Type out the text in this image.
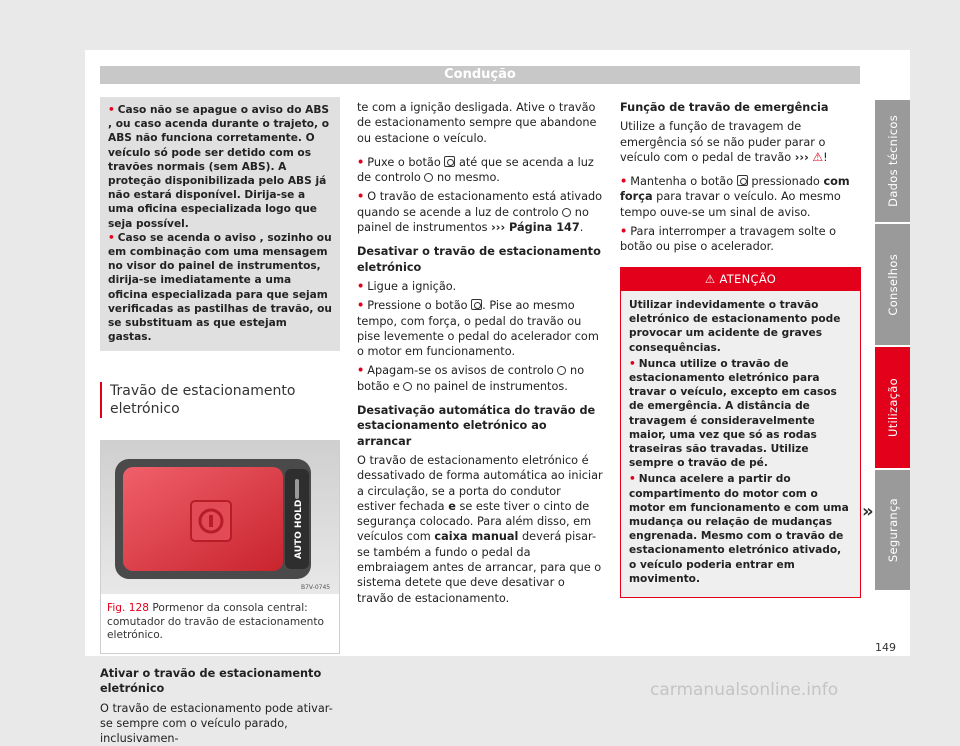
Condução

• Caso não se apague o aviso do ABS , ou caso acenda durante o trajeto, o ABS não funciona corretamente. O veículo só pode ser detido com os travões normais (sem ABS). A proteção disponibilizada pelo ABS já não estará disponível. Dirija-se a uma oficina especializada logo que seja possível.

• Caso se acenda o aviso , sozinho ou em combinação com uma mensagem no visor do painel de instrumentos, dirija-se imediatamente a uma oficina especializada para que sejam verificadas as pastilhas de travão, ou se substituam as que estejam gastas.

Travão de estacionamento eletrónico
AUTO HOLD
B7V-0745
Fig. 128 Pormenor da consola central: comutador do travão de estacionamento eletrónico.
Ativar o travão de estacionamento eletrónico
O travão de estacionamento pode ativar-se sempre com o veículo parado, inclusivamen-
te com a ignição desligada. Ative o travão de estacionamento sempre que abandone ou estacione o veículo.
• Puxe o botão até que se acenda a luz de controlo no mesmo.
• O travão de estacionamento está ativado quando se acende a luz de controlo no painel de instrumentos ››› Página 147.
Desativar o travão de estacionamento eletrónico
• Ligue a ignição.
• Pressione o botão . Pise ao mesmo tempo, com força, o pedal do travão ou pise levemente o pedal do acelerador com o motor em funcionamento.
• Apagam-se os avisos de controlo no botão e no painel de instrumentos.
Desativação automática do travão de estacionamento eletrónico ao arrancar
O travão de estacionamento eletrónico é dessativado de forma automática ao iniciar a circulação, se a porta do condutor estiver fechada e se este tiver o cinto de segurança colocado. Para além disso, em veículos com caixa manual deverá pisar-se também a fundo o pedal da embraiagem antes de arrancar, para que o sistema detete que deve desativar o travão de estacionamento.
Função de travão de emergência
Utilize a função de travagem de emergência só se não puder parar o veículo com o pedal de travão ››› ⚠!
• Mantenha o botão pressionado com força para travar o veículo. Ao mesmo tempo ouve-se um sinal de aviso.
• Para interromper a travagem solte o botão ou pise o acelerador.
⚠ ATENÇÃO

Utilizar indevidamente o travão eletrónico de estacionamento pode provocar um acidente de graves consequências.

• Nunca utilize o travão de estacionamento eletrónico para travar o veículo, excepto em casos de emergência. A distância de travagem é consideravelmente maior, uma vez que só as rodas traseiras são travadas. Utilize sempre o travão de pé.

• Nunca acelere a partir do compartimento do motor com o motor em funcionamento e com uma mudança ou relação de mudanças engrenada. Mesmo com o travão de estacionamento eletrónico ativado, o veículo poderia entrar em movimento.

»
Dados técnicos
Conselhos
Utilização
Segurança
149
carmanualsonline.info
